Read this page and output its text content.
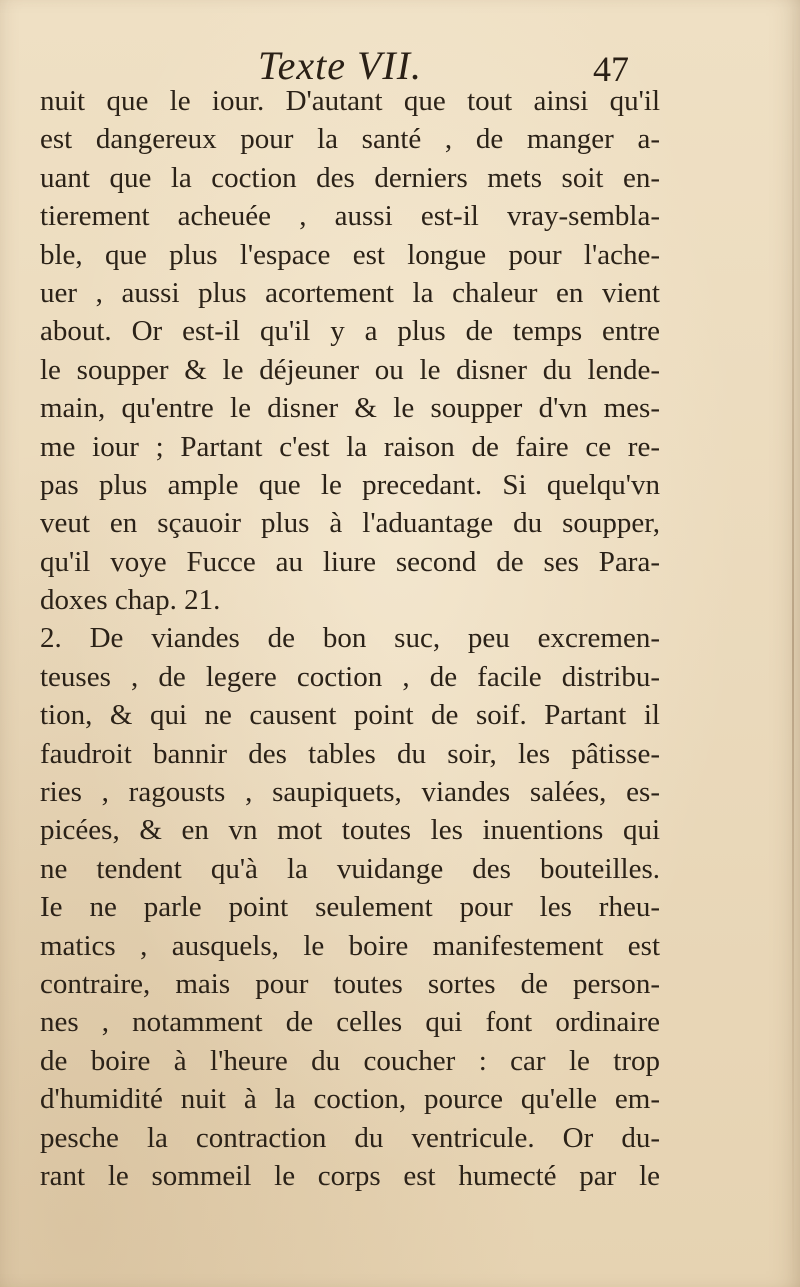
Texte VII.	47
nuit que le iour. D'autant que tout ainsi qu'il
est dangereux pour la santé , de manger a-
uant que la coction des derniers mets soit en-
tierement acheuée , aussi est-il vray-sembla-
ble, que plus l'espace est longue pour l'ache-
uer , aussi plus acortement la chaleur en vient
about. Or est-il qu'il y a plus de temps entre
le soupper & le déjeuner ou le disner du lende-
main, qu'entre le disner & le soupper d'vn mes-
me iour ; Partant c'est la raison de faire ce re-
pas plus ample que le precedant. Si quelqu'vn
veut en sçauoir plus à l'aduantage du soupper,
qu'il voye Fucce au liure second de ses Para-
doxes chap. 21.
2. De viandes de bon suc, peu excremen-
teuses , de legere coction , de facile distribu-
tion, & qui ne causent point de soif. Partant il
faudroit bannir des tables du soir, les pâtisse-
ries , ragousts , saupiquets, viandes salées, es-
picées, & en vn mot toutes les inuentions qui
ne tendent qu'à la vuidange des bouteilles.
Ie ne parle point seulement pour les rheu-
matics , ausquels, le boire manifestement est
contraire, mais pour toutes sortes de person-
nes , notamment de celles qui font ordinaire
de boire à l'heure du coucher : car le trop
d'humidité nuit à la coction, pource qu'elle em-
pesche la contraction du ventricule. Or du-
rant le sommeil le corps est humecté par le
